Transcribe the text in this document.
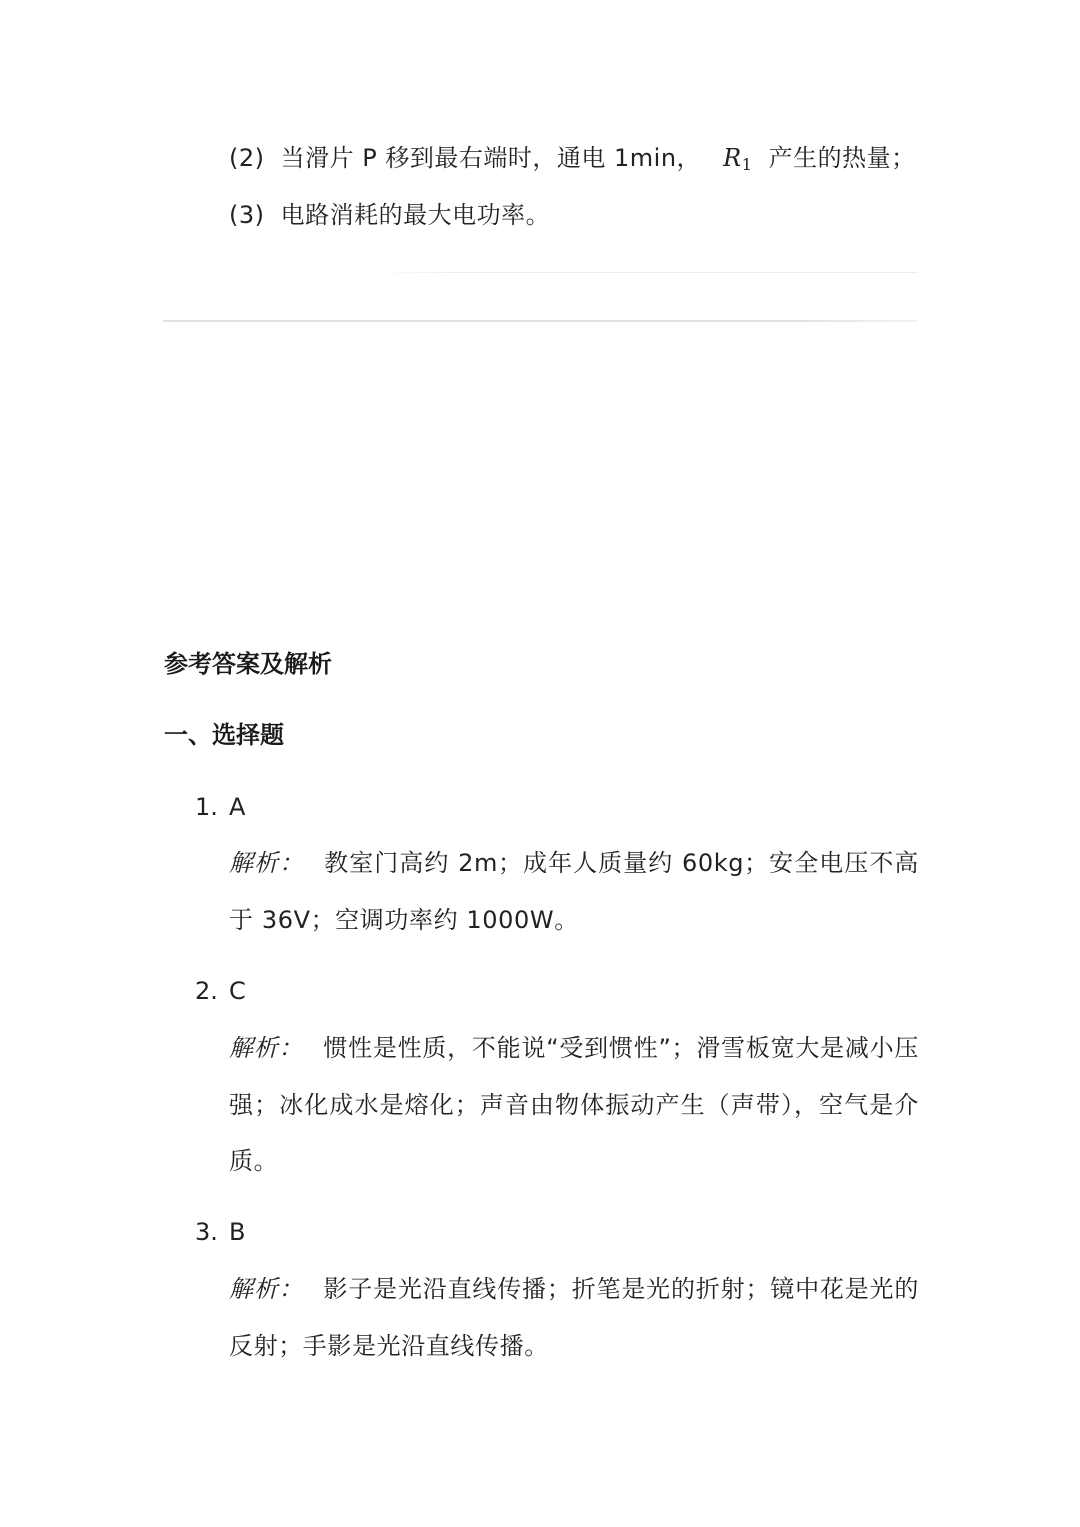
(2) 当滑片 P 移到最右端时，通电 1min， $R_1$ 产生的热量；
(3) 电路消耗的最大电功率。
参考答案及解析
一、选择题
1. A
解析： 教室门高约 2m；成年人质量约 60kg；安全电压不高于 36V；空调功率约 1000W。
2. C
解析： 惯性是性质，不能说“受到惯性”；滑雪板宽大是减小压强；冰化成水是熔化；声音由物体振动产生（声带），空气是介质。
3. B
解析： 影子是光沿直线传播；折笔是光的折射；镜中花是光的反射；手影是光沿直线传播。
